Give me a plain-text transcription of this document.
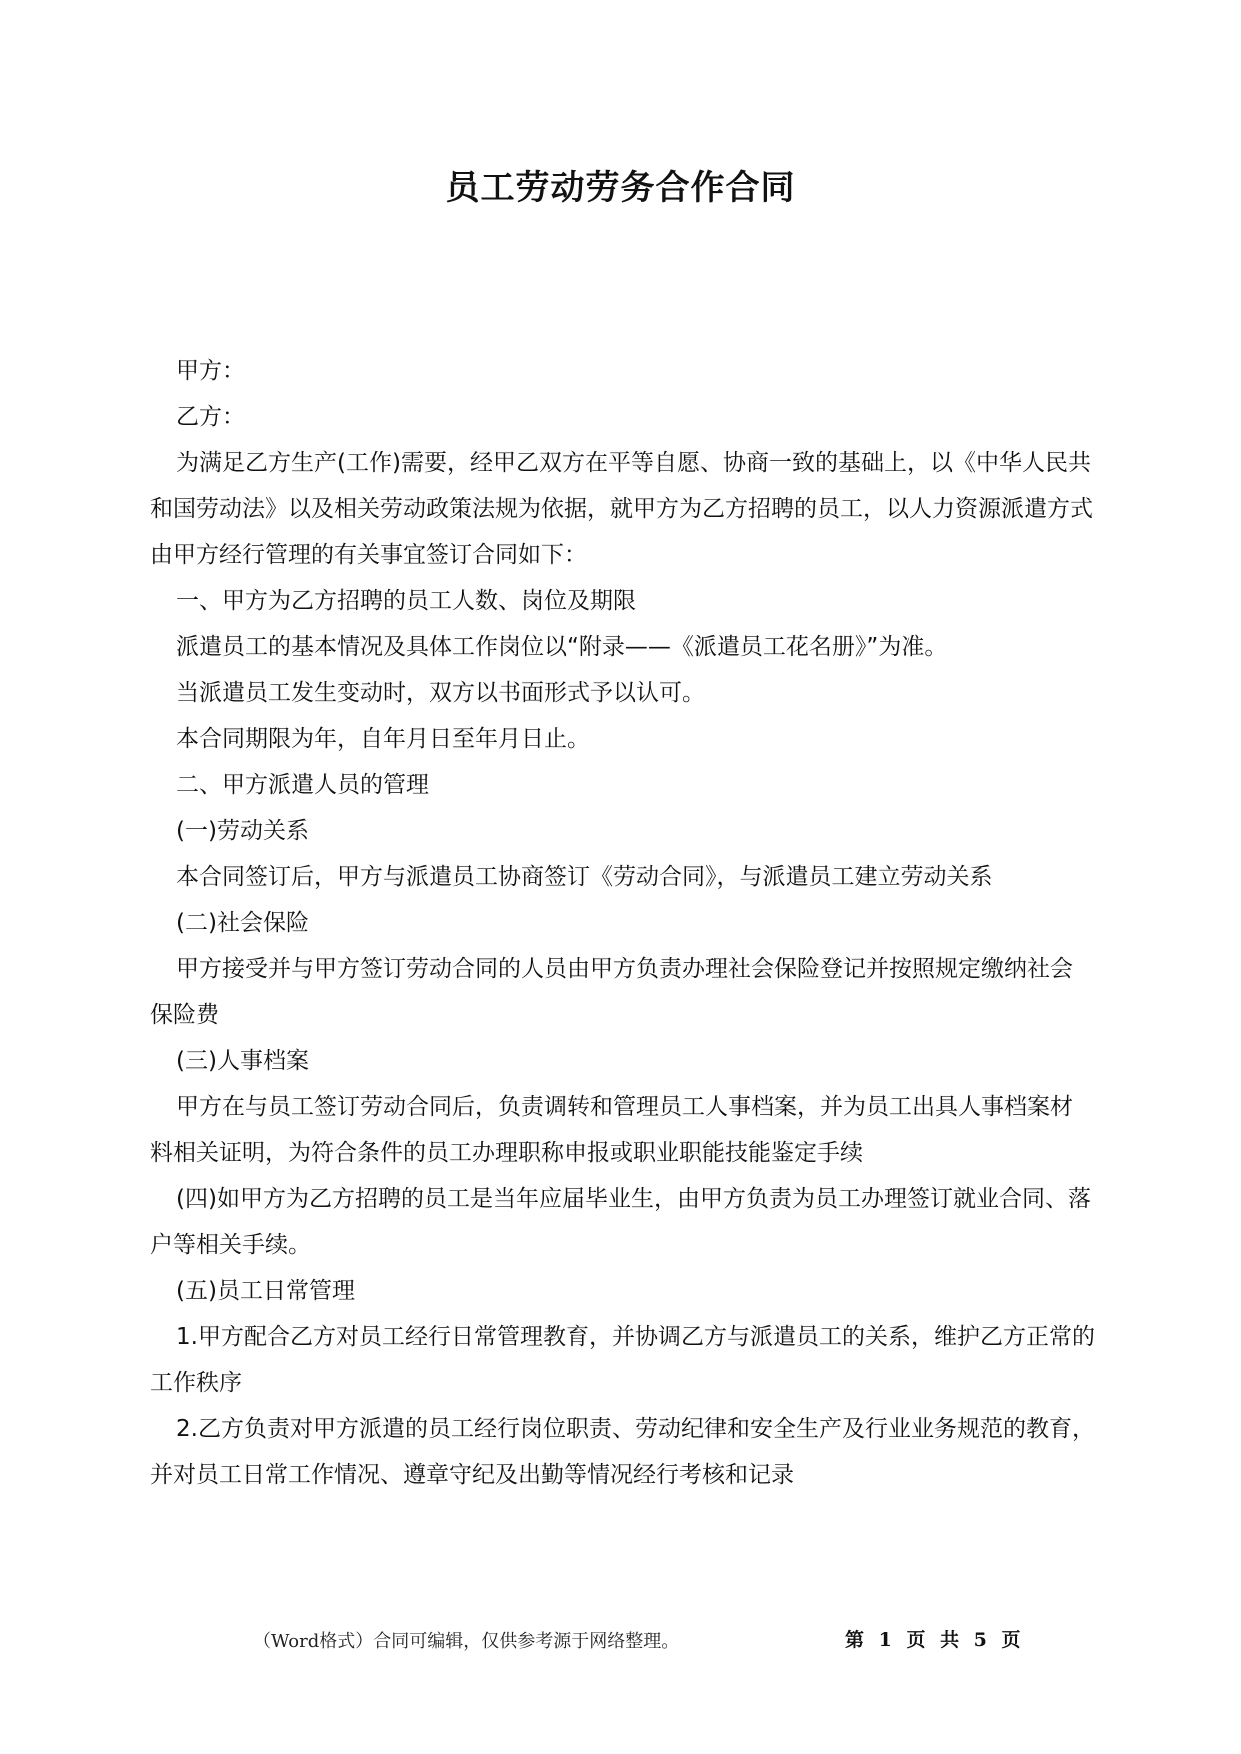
员工劳动劳务合作合同

甲方：

乙方：

为满足乙方生产(工作)需要，经甲乙双方在平等自愿、协商一致的基础上，以《中华人民共和国劳动法》以及相关劳动政策法规为依据，就甲方为乙方招聘的员工，以人力资源派遣方式由甲方经行管理的有关事宜签订合同如下：

一、甲方为乙方招聘的员工人数、岗位及期限

派遣员工的基本情况及具体工作岗位以“附录——《派遣员工花名册》”为准。

当派遣员工发生变动时，双方以书面形式予以认可。

本合同期限为年，自年月日至年月日止。

二、甲方派遣人员的管理

(一)劳动关系

本合同签订后，甲方与派遣员工协商签订《劳动合同》，与派遣员工建立劳动关系

(二)社会保险

甲方接受并与甲方签订劳动合同的人员由甲方负责办理社会保险登记并按照规定缴纳社会保险费

(三)人事档案

甲方在与员工签订劳动合同后，负责调转和管理员工人事档案，并为员工出具人事档案材料相关证明，为符合条件的员工办理职称申报或职业职能技能鉴定手续

(四)如甲方为乙方招聘的员工是当年应届毕业生，由甲方负责为员工办理签订就业合同、落户等相关手续。

(五)员工日常管理

1.甲方配合乙方对员工经行日常管理教育，并协调乙方与派遣员工的关系，维护乙方正常的工作秩序

2.乙方负责对甲方派遣的员工经行岗位职责、劳动纪律和安全生产及行业业务规范的教育，并对员工日常工作情况、遵章守纪及出勤等情况经行考核和记录

（Word格式）合同可编辑，仅供参考源于网络整理。	第 1 页 共 5 页
